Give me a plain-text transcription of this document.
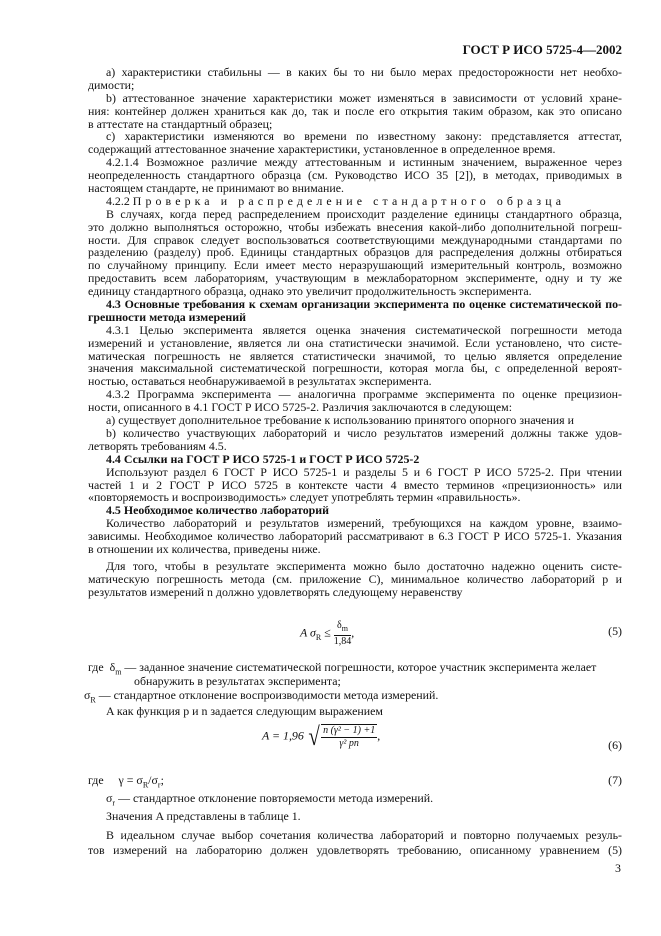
ГОСТ Р ИСО 5725-4—2002
а) характеристики стабильны — в каких бы то ни было мерах предосторожности нет необхо-
димости;
b) аттестованное значение характеристики может изменяться в зависимости от условий хране-
ния: контейнер должен храниться как до, так и после его открытия таким образом, как это описано
в аттестате на стандартный образец;
c) характеристики изменяются во времени по известному закону: представляется аттестат,
содержащий аттестованное значение характеристики, установленное в определенное время.
4.2.1.4 Возможное различие между аттестованным и истинным значением, выраженное через
неопределенность стандартного образца (см. Руководство ИСО 35 [2]), в методах, приводимых в
настоящем стандарте, не принимают во внимание.
4.2.2 Проверка и распределение стандартного образца
В случаях, когда перед распределением происходит разделение единицы стандартного образца,
это должно выполняться осторожно, чтобы избежать внесения какой-либо дополнительной погреш-
ности. Для справок следует воспользоваться соответствующими международными стандартами по
разделению (разделу) проб. Единицы стандартных образцов для распределения должны отбираться
по случайному принципу. Если имеет место неразрушающий измерительный контроль, возможно
предоставить всем лабораториям, участвующим в межлабораторном эксперименте, одну и ту же
единицу стандартного образца, однако это увеличит продолжительность эксперимента.
4.3 Основные требования к схемам организации эксперимента по оценке систематической по-
грешности метода измерений
4.3.1 Целью эксперимента является оценка значения систематической погрешности метода
измерений и установление, является ли она статистически значимой. Если установлено, что систе-
матическая погрешность не является статистически значимой, то целью является определение
значения максимальной систематической погрешности, которая могла бы, с определенной вероят-
ностью, оставаться необнаруживаемой в результатах эксперимента.
4.3.2 Программа эксперимента — аналогична программе эксперимента по оценке прецизион-
ности, описанного в 4.1 ГОСТ Р ИСО 5725-2. Различия заключаются в следующем:
а) существует дополнительное требование к использованию принятого опорного значения и
b) количество участвующих лабораторий и число результатов измерений должны также удов-
летворять требованиям 4.5.
4.4 Ссылки на ГОСТ Р ИСО 5725-1 и ГОСТ Р ИСО 5725-2
Используют раздел 6 ГОСТ Р ИСО 5725-1 и разделы 5 и 6 ГОСТ Р ИСО 5725-2. При чтении
частей 1 и 2 ГОСТ Р ИСО 5725 в контексте части 4 вместо терминов «прецизионность» или
«повторяемость и воспроизводимость» следует употреблять термин «правильность».
4.5 Необходимое количество лабораторий
Количество лабораторий и результатов измерений, требующихся на каждом уровне, взаимо-
зависимы. Необходимое количество лабораторий рассматривают в 6.3 ГОСТ Р ИСО 5725-1. Указания
в отношении их количества, приведены ниже.
Для того, чтобы в результате эксперимента можно было достаточно надежно оценить систе-
матическую погрешность метода (см. приложение С), минимальное количество лабораторий p и
результатов измерений n должно удовлетворять следующему неравенству
A $\sigma_R \le \frac{\delta_m}{1,84}$ ,	(5)
где $\delta_m$ — заданное значение систематической погрешности, которое участник эксперимента желает
обнаружить в результатах эксперимента;
$\sigma_R$ — стандартное отклонение воспроизводимости метода измерений.
A как функция p и n задается следующим выражением
A = 1,96 √ $\frac{\text{n (γ² − 1) +1}}{\text{γ² pn}}$ ,
(6)
где $\gamma = \sigma_R/\sigma_r$;	(7)
$\sigma_r$ — стандартное отклонение повторяемости метода измерений.
Значения A представлены в таблице 1.
В идеальном случае выбор сочетания количества лабораторий и повторно получаемых резуль-
тов измерений на лабораторию должен удовлетворять требованию, описанному уравнением (5)
3
